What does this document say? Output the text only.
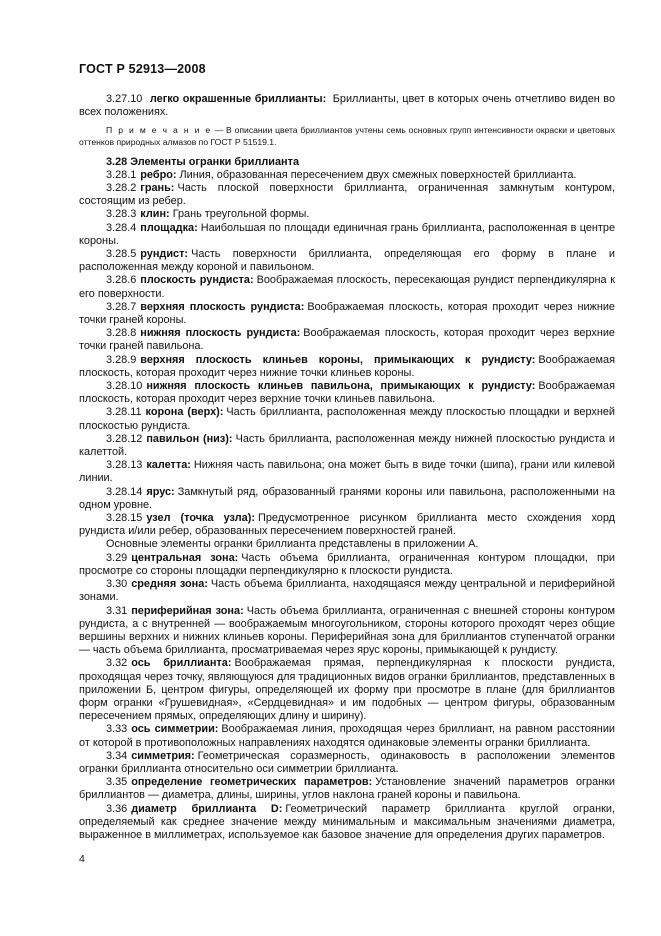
ГОСТ Р 52913—2008

3.27.10 легко окрашенные бриллианты: Бриллианты, цвет в которых очень отчетливо виден во всех положениях.

П р и м е ч а н и е — В описании цвета бриллиантов учтены семь основных групп интенсивности окраски и цветовых оттенков природных алмазов по ГОСТ Р 51519.1.

3.28 Элементы огранки бриллианта

3.28.1 ребро: Линия, образованная пересечением двух смежных поверхностей бриллианта.

3.28.2 грань: Часть плоской поверхности бриллианта, ограниченная замкнутым контуром, состоящим из ребер.

3.28.3 клин: Грань треугольной формы.

3.28.4 площадка: Наибольшая по площади единичная грань бриллианта, расположенная в центре короны.

3.28.5 рундист: Часть поверхности бриллианта, определяющая его форму в плане и расположенная между короной и павильоном.

3.28.6 плоскость рундиста: Воображаемая плоскость, пересекающая рундист перпендикулярна к его поверхности.

3.28.7 верхняя плоскость рундиста: Воображаемая плоскость, которая проходит через нижние точки граней короны.

3.28.8 нижняя плоскость рундиста: Воображаемая плоскость, которая проходит через верхние точки граней павильона.

3.28.9 верхняя плоскость клиньев короны, примыкающих к рундисту: Воображаемая плоскость, которая проходит через нижние точки клиньев короны.

3.28.10 нижняя плоскость клиньев павильона, примыкающих к рундисту: Воображаемая плоскость, которая проходит через верхние точки клиньев павильона.

3.28.11 корона (верх): Часть бриллианта, расположенная между плоскостью площадки и верхней плоскостью рундиста.

3.28.12 павильон (низ): Часть бриллианта, расположенная между нижней плоскостью рундиста и калеттой.

3.28.13 калетта: Нижняя часть павильона; она может быть в виде точки (шипа), грани или килевой линии.

3.28.14 ярус: Замкнутый ряд, образованный гранями короны или павильона, расположенными на одном уровне.

3.28.15 узел (точка узла): Предусмотренное рисунком бриллианта место схождения хорд рундиста и/или ребер, образованных пересечением поверхностей граней.

Основные элементы огранки бриллианта представлены в приложении А.

3.29 центральная зона: Часть объема бриллианта, ограниченная контуром площадки, при просмотре со стороны площадки перпендикулярно к плоскости рундиста.

3.30 средняя зона: Часть объема бриллианта, находящаяся между центральной и периферийной зонами.

3.31 периферийная зона: Часть объема бриллианта, ограниченная с внешней стороны контуром рундиста, а с внутренней — воображаемым многоугольником, стороны которого проходят через общие вершины верхних и нижних клиньев короны. Периферийная зона для бриллиантов ступенчатой огранки — часть объема бриллианта, просматриваемая через ярус короны, примыкающей к рундисту.

3.32 ось бриллианта: Воображаемая прямая, перпендикулярная к плоскости рундиста, проходящая через точку, являющуюся для традиционных видов огранки бриллиантов, представленных в приложении Б, центром фигуры, определяющей их форму при просмотре в плане (для бриллиантов форм огранки «Грушевидная», «Сердцевидная» и им подобных — центром фигуры, образованным пересечением прямых, определяющих длину и ширину).

3.33 ось симметрии: Воображаемая линия, проходящая через бриллиант, на равном расстоянии от которой в противоположных направлениях находятся одинаковые элементы огранки бриллианта.

3.34 симметрия: Геометрическая соразмерность, одинаковость в расположении элементов огранки бриллианта относительно оси симметрии бриллианта.

3.35 определение геометрических параметров: Установление значений параметров огранки бриллиантов — диаметра, длины, ширины, углов наклона граней короны и павильона.

3.36 диаметр бриллианта D: Геометрический параметр бриллианта круглой огранки, определяемый как среднее значение между минимальным и максимальным значениями диаметра, выраженное в миллиметрах, используемое как базовое значение для определения других параметров.

4
